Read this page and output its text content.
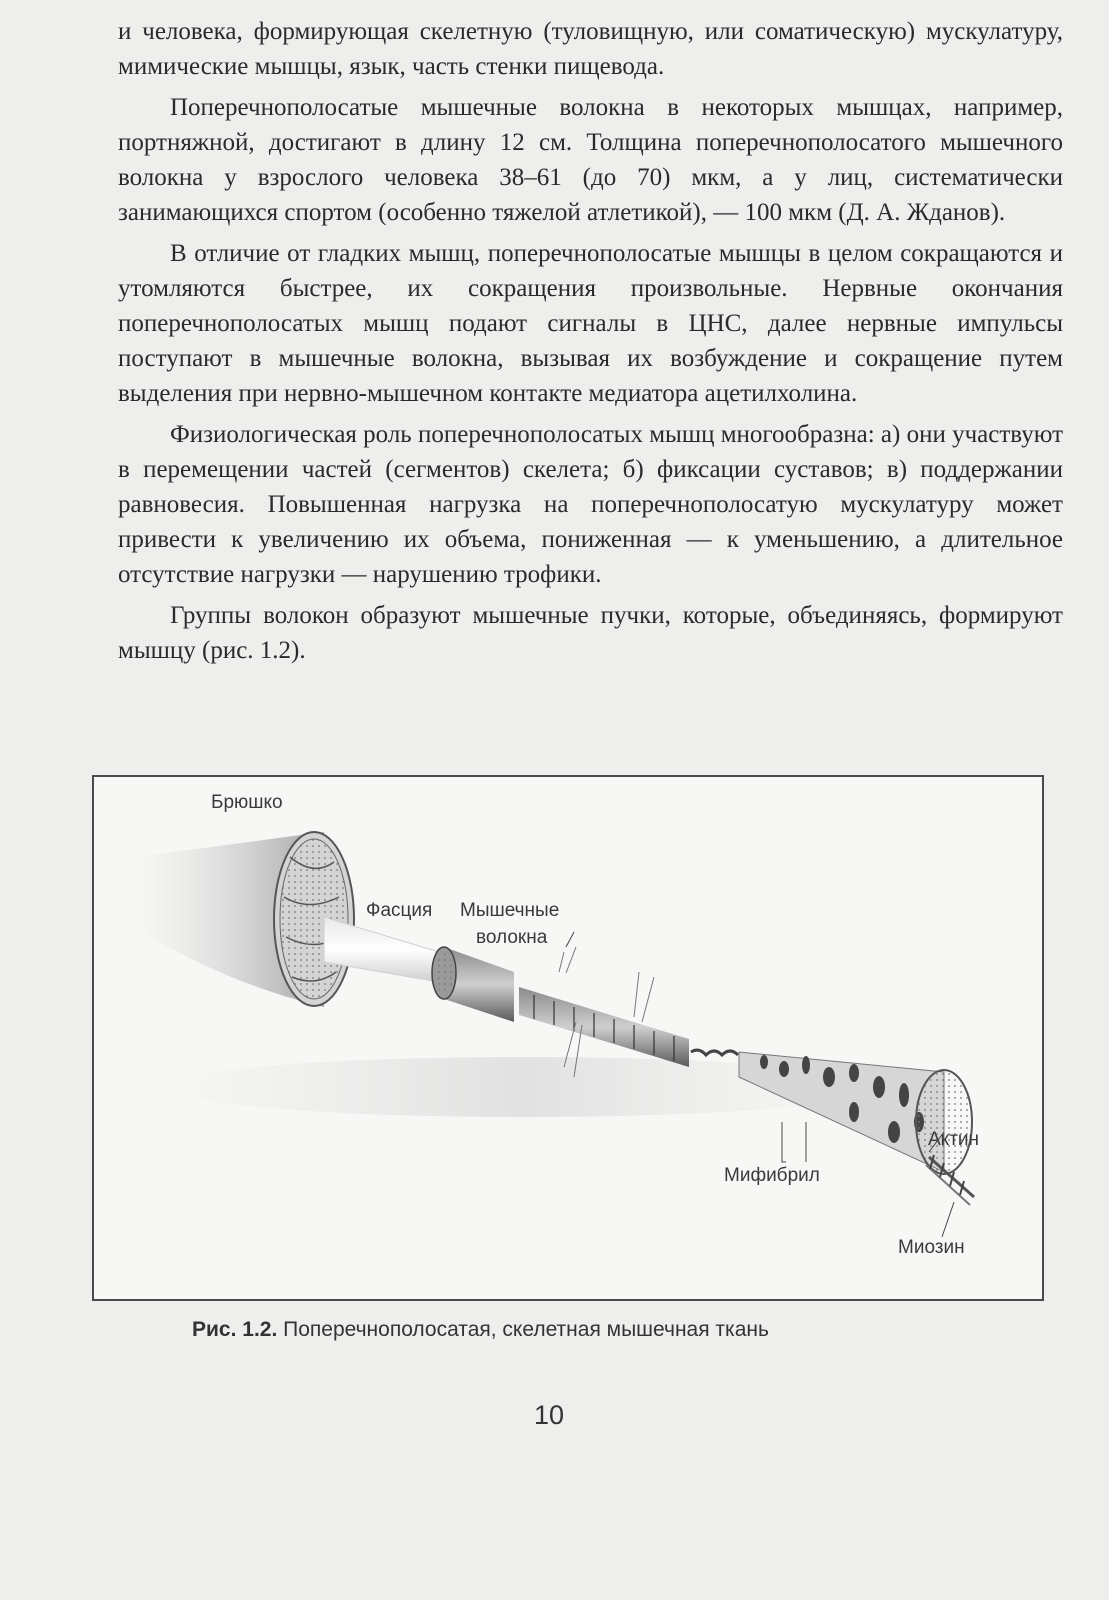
и человека, формирующая скелетную (туловищную, или соматическую) мускулатуру, мимические мышцы, язык, часть стенки пищевода.

Поперечнополосатые мышечные волокна в некоторых мышцах, например, портняжной, достигают в длину 12 см. Толщина поперечнополосатого мышечного волокна у взрослого человека 38–61 (до 70) мкм, а у лиц, систематически занимающихся спортом (особенно тяжелой атлетикой), — 100 мкм (Д. А. Жданов).

В отличие от гладких мышц, поперечнополосатые мышцы в целом сокращаются и утомляются быстрее, их сокращения произвольные. Нервные окончания поперечнополосатых мышц подают сигналы в ЦНС, далее нервные импульсы поступают в мышечные волокна, вызывая их возбуждение и сокращение путем выделения при нервно-мышечном контакте медиатора ацетилхолина.

Физиологическая роль поперечнополосатых мышц многообразна: а) они участвуют в перемещении частей (сегментов) скелета; б) фиксации суставов; в) поддержании равновесия. Повышенная нагрузка на поперечнополосатую мускулатуру может привести к увеличению их объема, пониженная — к уменьшению, а длительное отсутствие нагрузки — нарушению трофики.

Группы волокон образуют мышечные пучки, которые, объединяясь, формируют мышцу (рис. 1.2).

Брюшко
Фасция Мышечные
волокна
Актин
Мифибрил
Миозин
Рис. 1.2. Поперечнополосатая, скелетная мышечная ткань
10
